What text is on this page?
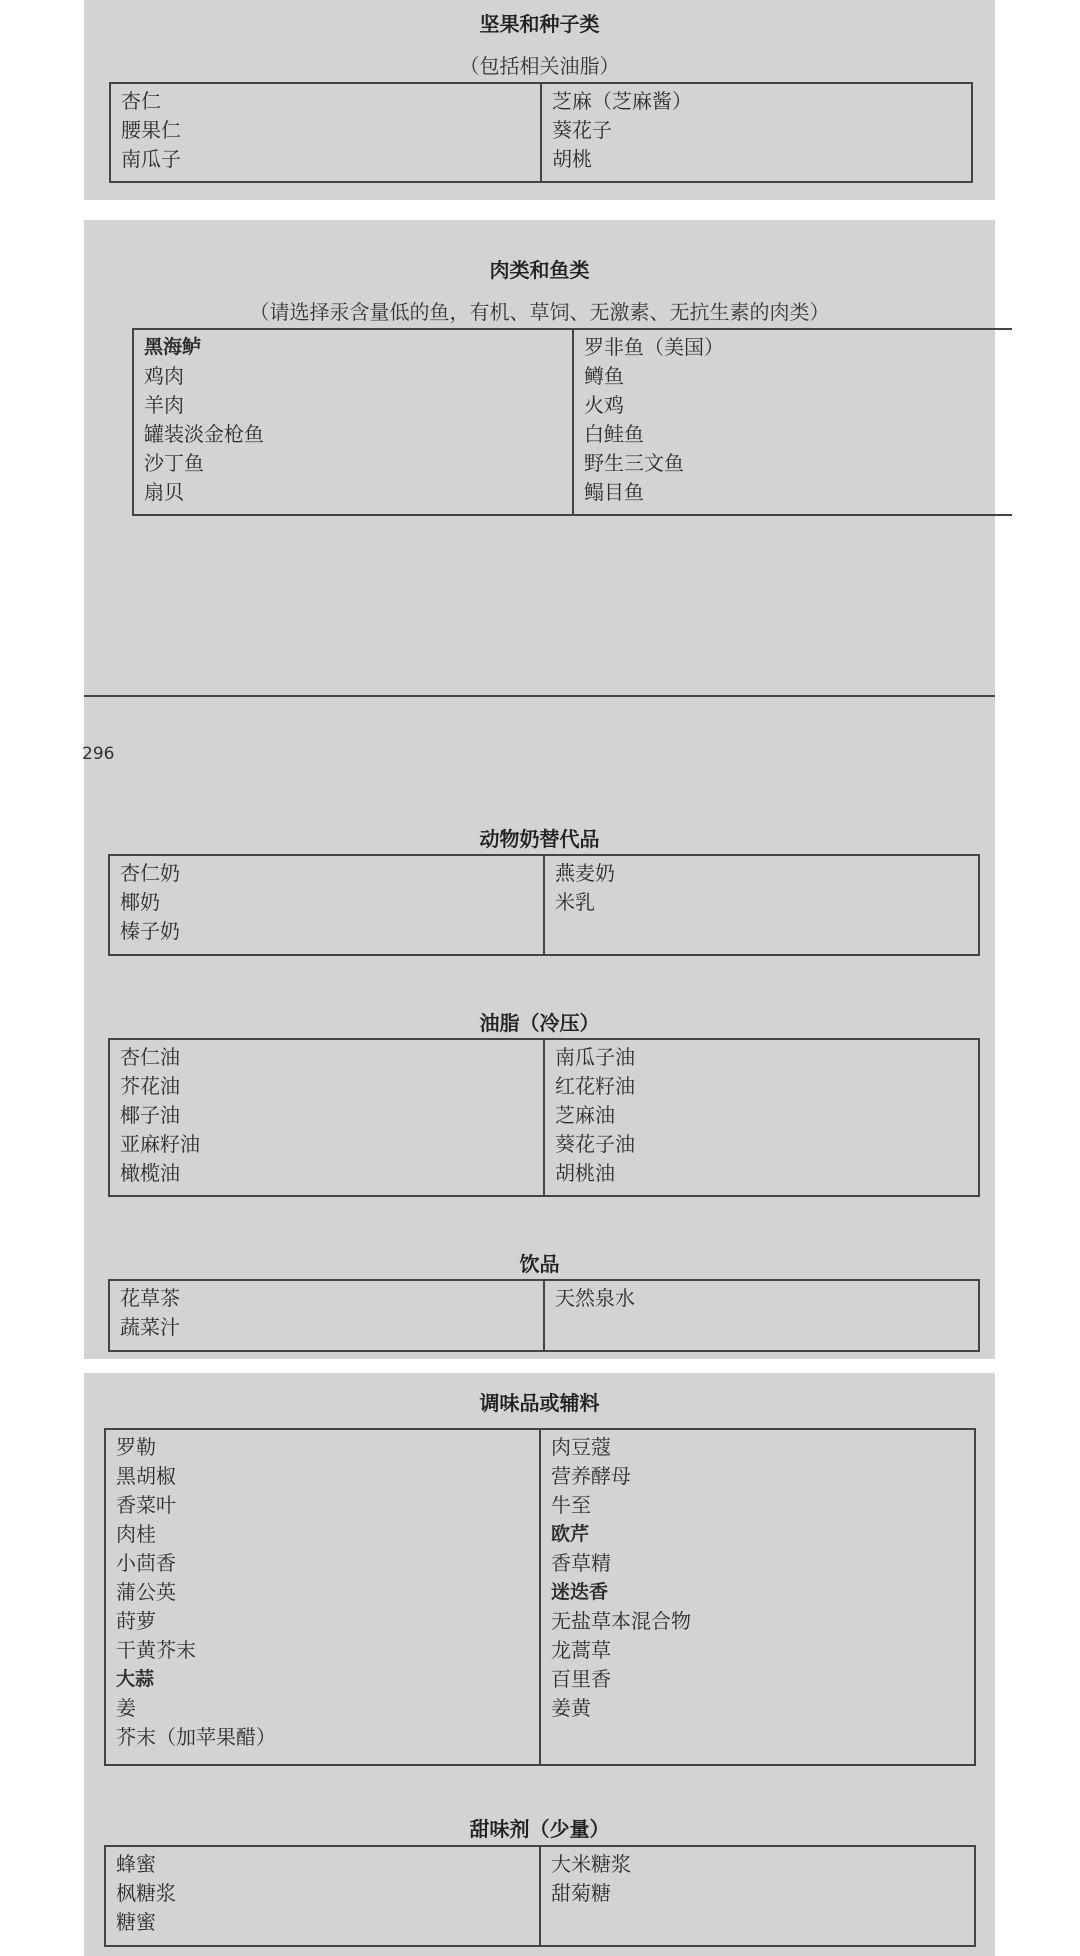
坚果和种子类
（包括相关油脂）
杏仁
腰果仁
南瓜子
芝麻（芝麻酱）
葵花子
胡桃
肉类和鱼类
（请选择汞含量低的鱼，有机、草饲、无激素、无抗生素的肉类）
黑海鲈
鸡肉
羊肉
罐装淡金枪鱼
沙丁鱼
扇贝
罗非鱼（美国）
鳟鱼
火鸡
白鲑鱼
野生三文鱼
鳎目鱼
296
动物奶替代品
杏仁奶
椰奶
榛子奶
燕麦奶
米乳
油脂（冷压）
杏仁油
芥花油
椰子油
亚麻籽油
橄榄油
南瓜子油
红花籽油
芝麻油
葵花子油
胡桃油
饮品
花草茶
蔬菜汁
天然泉水
调味品或辅料
罗勒
黑胡椒
香菜叶
肉桂
小茴香
蒲公英
莳萝
干黄芥末
大蒜
姜
芥末（加苹果醋）
肉豆蔻
营养酵母
牛至
欧芹
香草精
迷迭香
无盐草本混合物
龙蒿草
百里香
姜黄
甜味剂（少量）
蜂蜜
枫糖浆
糖蜜
大米糖浆
甜菊糖
